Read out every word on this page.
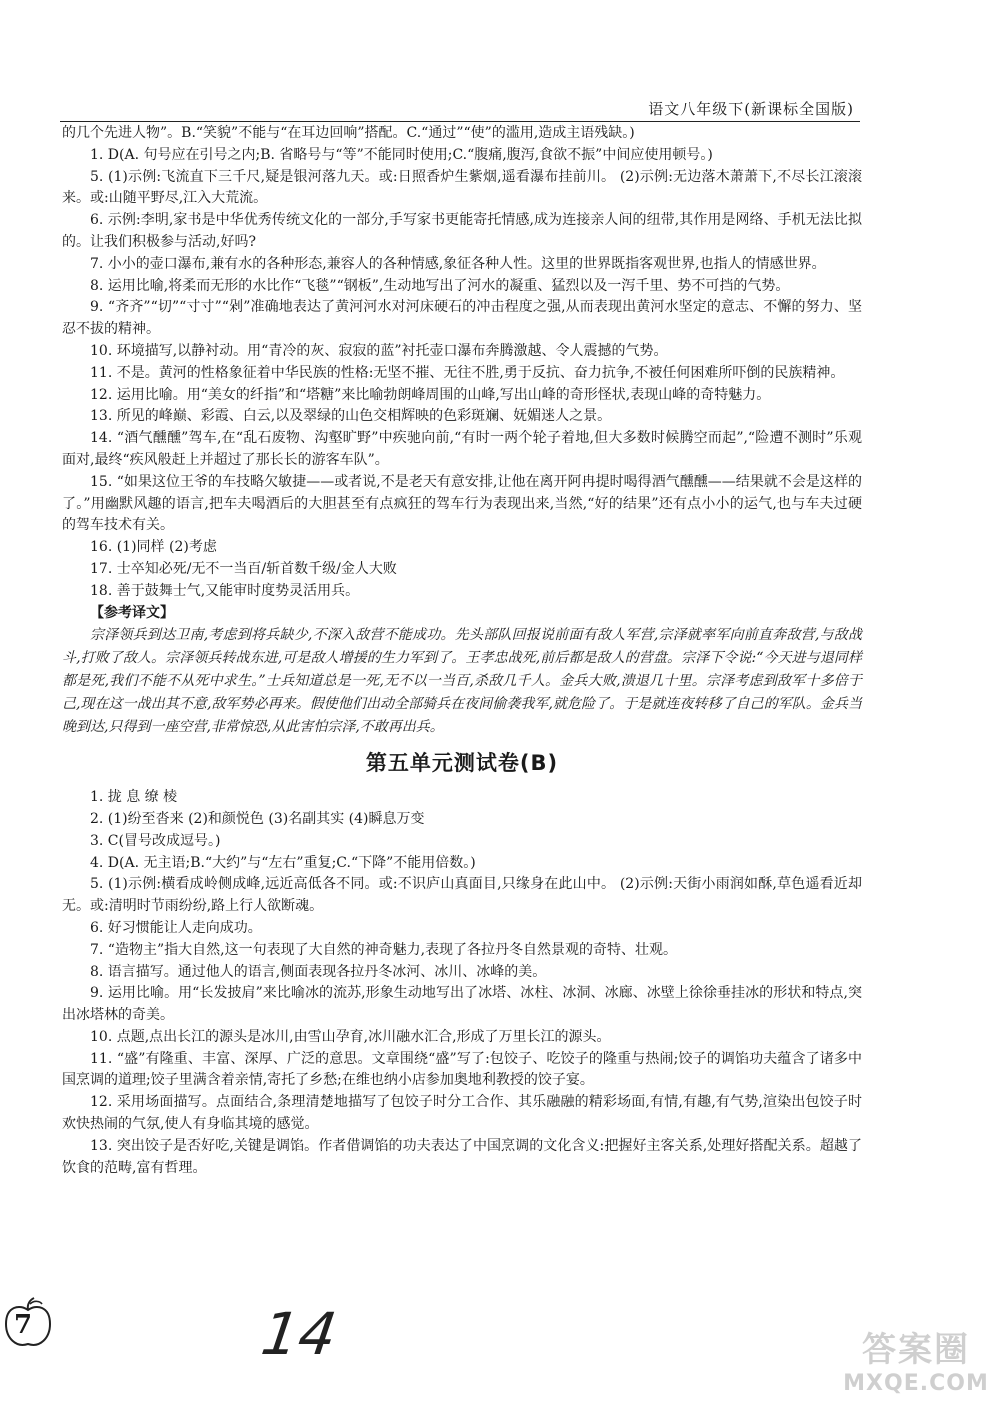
语文八年级下(新课标全国版)

的几个先进人物”。B.“笑貌”不能与“在耳边回响”搭配。C.“通过”“使”的滥用,造成主语残缺。)

1. D(A. 句号应在引号之内;B. 省略号与“等”不能同时使用;C.“腹痛,腹泻,食欲不振”中间应使用顿号。)

5. (1)示例:飞流直下三千尺,疑是银河落九天。或:日照香炉生紫烟,遥看瀑布挂前川。 (2)示例:无边落木萧萧下,不尽长江滚滚来。或:山随平野尽,江入大荒流。

6. 示例:李明,家书是中华优秀传统文化的一部分,手写家书更能寄托情感,成为连接亲人间的纽带,其作用是网络、手机无法比拟的。让我们积极参与活动,好吗?

7. 小小的壶口瀑布,兼有水的各种形态,兼容人的各种情感,象征各种人性。这里的世界既指客观世界,也指人的情感世界。

8. 运用比喻,将柔而无形的水比作“飞毯”“钢板”,生动地写出了河水的凝重、猛烈以及一泻千里、势不可挡的气势。

9. “齐齐”“切”“寸寸”“剁”准确地表达了黄河河水对河床硬石的冲击程度之强,从而表现出黄河水坚定的意志、不懈的努力、坚忍不拔的精神。

10. 环境描写,以静衬动。用“青冷的灰、寂寂的蓝”衬托壶口瀑布奔腾激越、令人震撼的气势。

11. 不是。黄河的性格象征着中华民族的性格:无坚不摧、无往不胜,勇于反抗、奋力抗争,不被任何困难所吓倒的民族精神。

12. 运用比喻。用“美女的纤指”和“塔糖”来比喻勃朗峰周围的山峰,写出山峰的奇形怪状,表现山峰的奇特魅力。

13. 所见的峰巅、彩霞、白云,以及翠绿的山色交相辉映的色彩斑斓、妩媚迷人之景。

14. “酒气醺醺”驾车,在“乱石废物、沟壑旷野”中疾驰向前,“有时一两个轮子着地,但大多数时候腾空而起”,“险遭不测时”乐观面对,最终“疾风般赶上并超过了那长长的游客车队”。

15. “如果这位王爷的车技略欠敏捷——或者说,不是老天有意安排,让他在离开阿冉提时喝得酒气醺醺——结果就不会是这样的了。”用幽默风趣的语言,把车夫喝酒后的大胆甚至有点疯狂的驾车行为表现出来,当然,“好的结果”还有点小小的运气,也与车夫过硬的驾车技术有关。

16. (1)同样 (2)考虑

17. 士卒知必死/无不一当百/斩首数千级/金人大败

18. 善于鼓舞士气,又能审时度势灵活用兵。

【参考译文】

宗泽领兵到达卫南,考虑到将兵缺少,不深入敌营不能成功。先头部队回报说前面有敌人军营,宗泽就率军向前直奔敌营,与敌战斗,打败了敌人。宗泽领兵转战东进,可是敌人增援的生力军到了。王孝忠战死,前后都是敌人的营盘。宗泽下令说:“今天进与退同样都是死,我们不能不从死中求生。”士兵知道总是一死,无不以一当百,杀敌几千人。金兵大败,溃退几十里。宗泽考虑到敌军十多倍于己,现在这一战出其不意,敌军势必再来。假使他们出动全部骑兵在夜间偷袭我军,就危险了。于是就连夜转移了自己的军队。金兵当晚到达,只得到一座空营,非常惊恐,从此害怕宗泽,不敢再出兵。

第五单元测试卷(B)

1. 拢 息 缭 棱

2. (1)纷至沓来 (2)和颜悦色 (3)名副其实 (4)瞬息万变

3. C(冒号改成逗号。)

4. D(A. 无主语;B.“大约”与“左右”重复;C.“下降”不能用倍数。)

5. (1)示例:横看成岭侧成峰,远近高低各不同。或:不识庐山真面目,只缘身在此山中。 (2)示例:天街小雨润如酥,草色遥看近却无。或:清明时节雨纷纷,路上行人欲断魂。

6. 好习惯能让人走向成功。

7. “造物主”指大自然,这一句表现了大自然的神奇魅力,表现了各拉丹冬自然景观的奇特、壮观。

8. 语言描写。通过他人的语言,侧面表现各拉丹冬冰河、冰川、冰峰的美。

9. 运用比喻。用“长发披肩”来比喻冰的流苏,形象生动地写出了冰塔、冰柱、冰洞、冰廊、冰壁上徐徐垂挂冰的形状和特点,突出冰塔林的奇美。

10. 点题,点出长江的源头是冰川,由雪山孕育,冰川融水汇合,形成了万里长江的源头。

11. “盛”有隆重、丰富、深厚、广泛的意思。文章围绕“盛”写了:包饺子、吃饺子的隆重与热闹;饺子的调馅功夫蕴含了诸多中国烹调的道理;饺子里满含着亲情,寄托了乡愁;在维也纳小店参加奥地利教授的饺子宴。

12. 采用场面描写。点面结合,条理清楚地描写了包饺子时分工合作、其乐融融的精彩场面,有情,有趣,有气势,渲染出包饺子时欢快热闹的气氛,使人有身临其境的感觉。

13. 突出饺子是否好吃,关键是调馅。作者借调馅的功夫表达了中国烹调的文化含义:把握好主客关系,处理好搭配关系。超越了饮食的范畴,富有哲理。

7	14	答案圈
MXQE.COM
